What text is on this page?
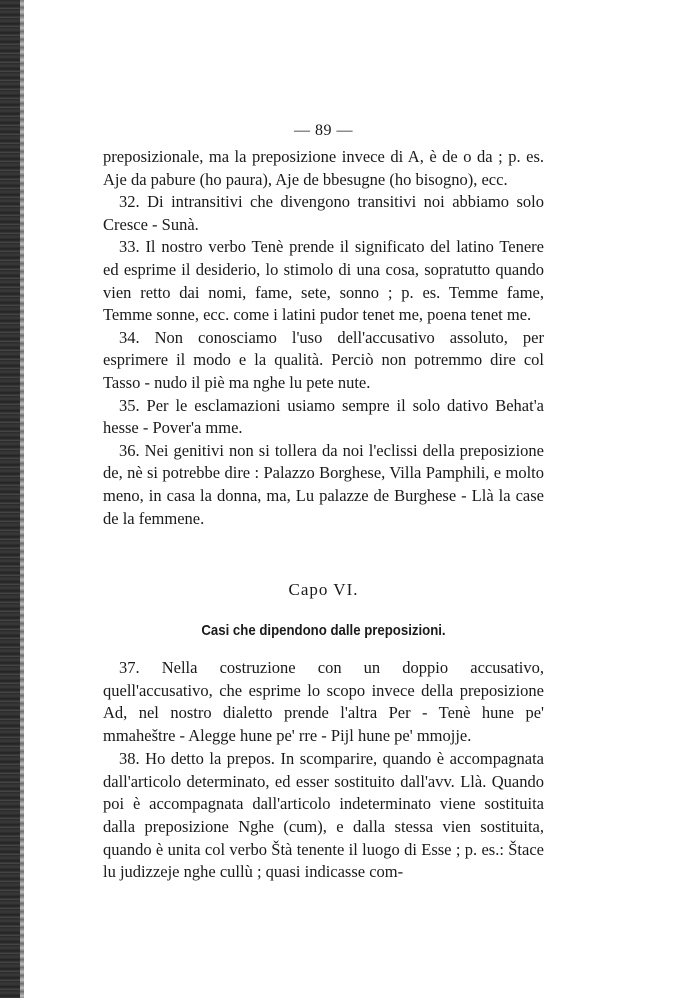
— 89 —

preposizionale, ma la preposizione invece di A, è de o da ; p. es. Aje da pabure (ho paura), Aje de bbesugne (ho bisogno), ecc.

32. Di intransitivi che divengono transitivi noi abbiamo solo Cresce - Sunà.

33. Il nostro verbo Tenè prende il significato del latino Tenere ed esprime il desiderio, lo stimolo di una cosa, sopratutto quando vien retto dai nomi, fame, sete, sonno ; p. es. Temme fame, Temme sonne, ecc. come i latini pudor tenet me, poena tenet me.

34. Non conosciamo l'uso dell'accusativo assoluto, per esprimere il modo e la qualità. Perciò non potremmo dire col Tasso - nudo il piè ma nghe lu pete nute.

35. Per le esclamazioni usiamo sempre il solo dativo Behat'a hesse - Pover'a mme.

36. Nei genitivi non si tollera da noi l'eclissi della preposizione de, nè si potrebbe dire : Palazzo Borghese, Villa Pamphili, e molto meno, in casa la donna, ma, Lu palazze de Burghese - Llà la case de la femmene.

Capo VI.
Casi che dipendono dalle preposizioni.

37. Nella costruzione con un doppio accusativo, quell'accusativo, che esprime lo scopo invece della preposizione Ad, nel nostro dialetto prende l'altra Per - Tenè hune pe' mmaheštre - Alegge hune pe' rre - Pijl hune pe' mmojje.

38. Ho detto la prepos. In scomparire, quando è accompagnata dall'articolo determinato, ed esser sostituito dall'avv. Llà. Quando poi è accompagnata dall'articolo indeterminato viene sostituita dalla preposizione Nghe (cum), e dalla stessa vien sostituita, quando è unita col verbo Štà tenente il luogo di Esse ; p. es.: Štace lu judizzeje nghe cullù ; quasi indicasse com-
